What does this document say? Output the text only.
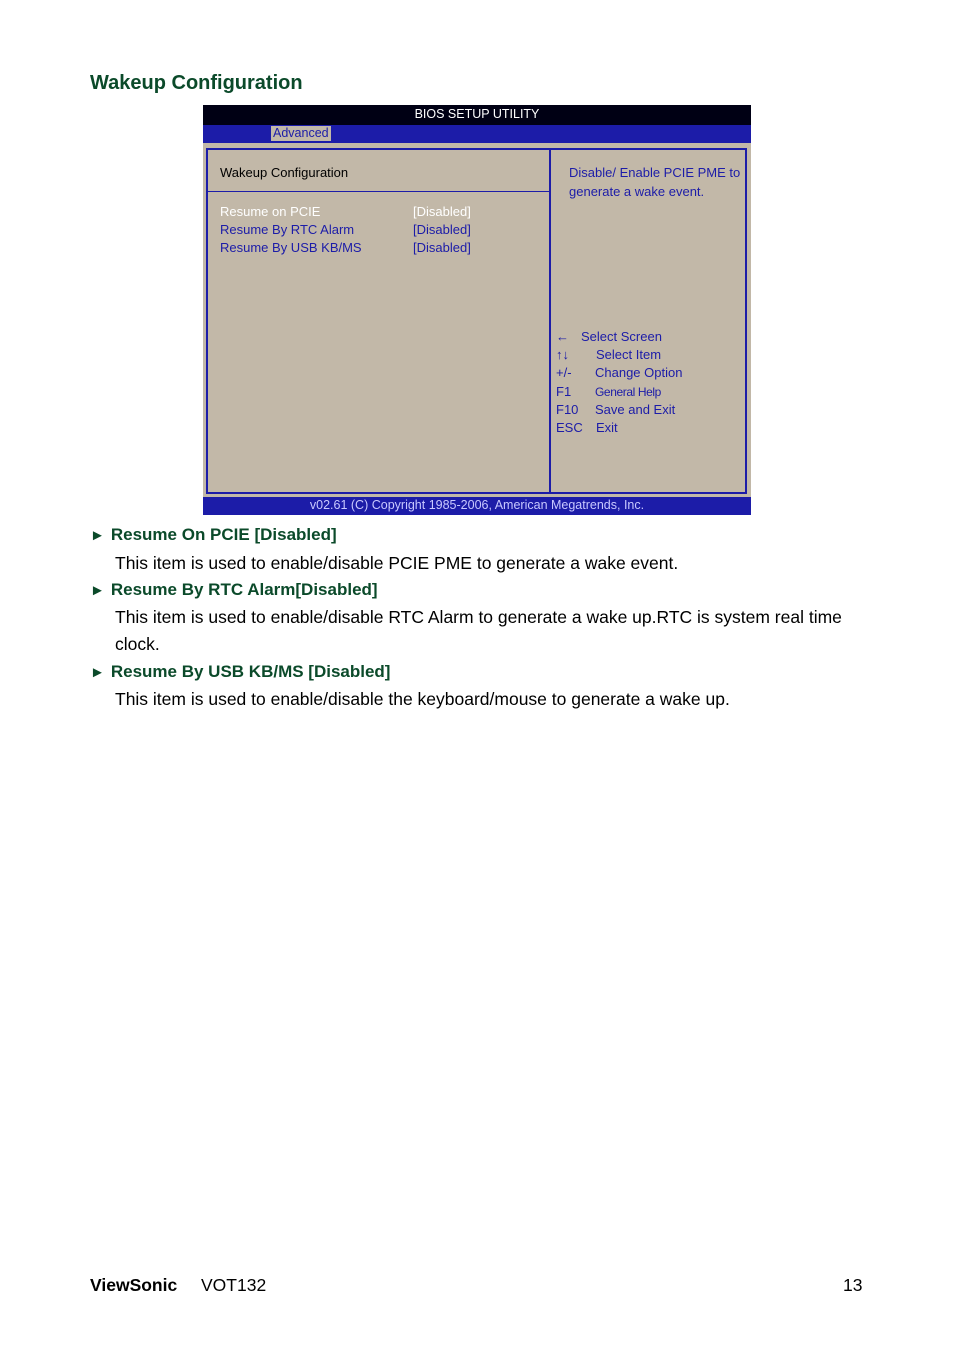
Wakeup Configuration
BIOS SETUP UTILITY
Advanced
Wakeup Configuration
Resume on PCIE	[Disabled]
Resume By RTC Alarm	[Disabled]
Resume By USB KB/MS	[Disabled]
Disable/ Enable PCIE PME to generate a wake event.
← Select Screen
↑↓ Select Item
+/- Change Option
F1 General Help
F10 Save and Exit
ESC Exit
v02.61 (C) Copyright 1985-2006, American Megatrends, Inc.
► Resume On PCIE [Disabled]

This item is used to enable/disable PCIE PME to generate a wake event.

► Resume By RTC Alarm[Disabled]

This item is used to enable/disable RTC Alarm to generate a wake up.RTC is system real time clock.

► Resume By USB KB/MS [Disabled]

This item is used to enable/disable the keyboard/mouse to generate a wake up.

ViewSonic VOT132	13
